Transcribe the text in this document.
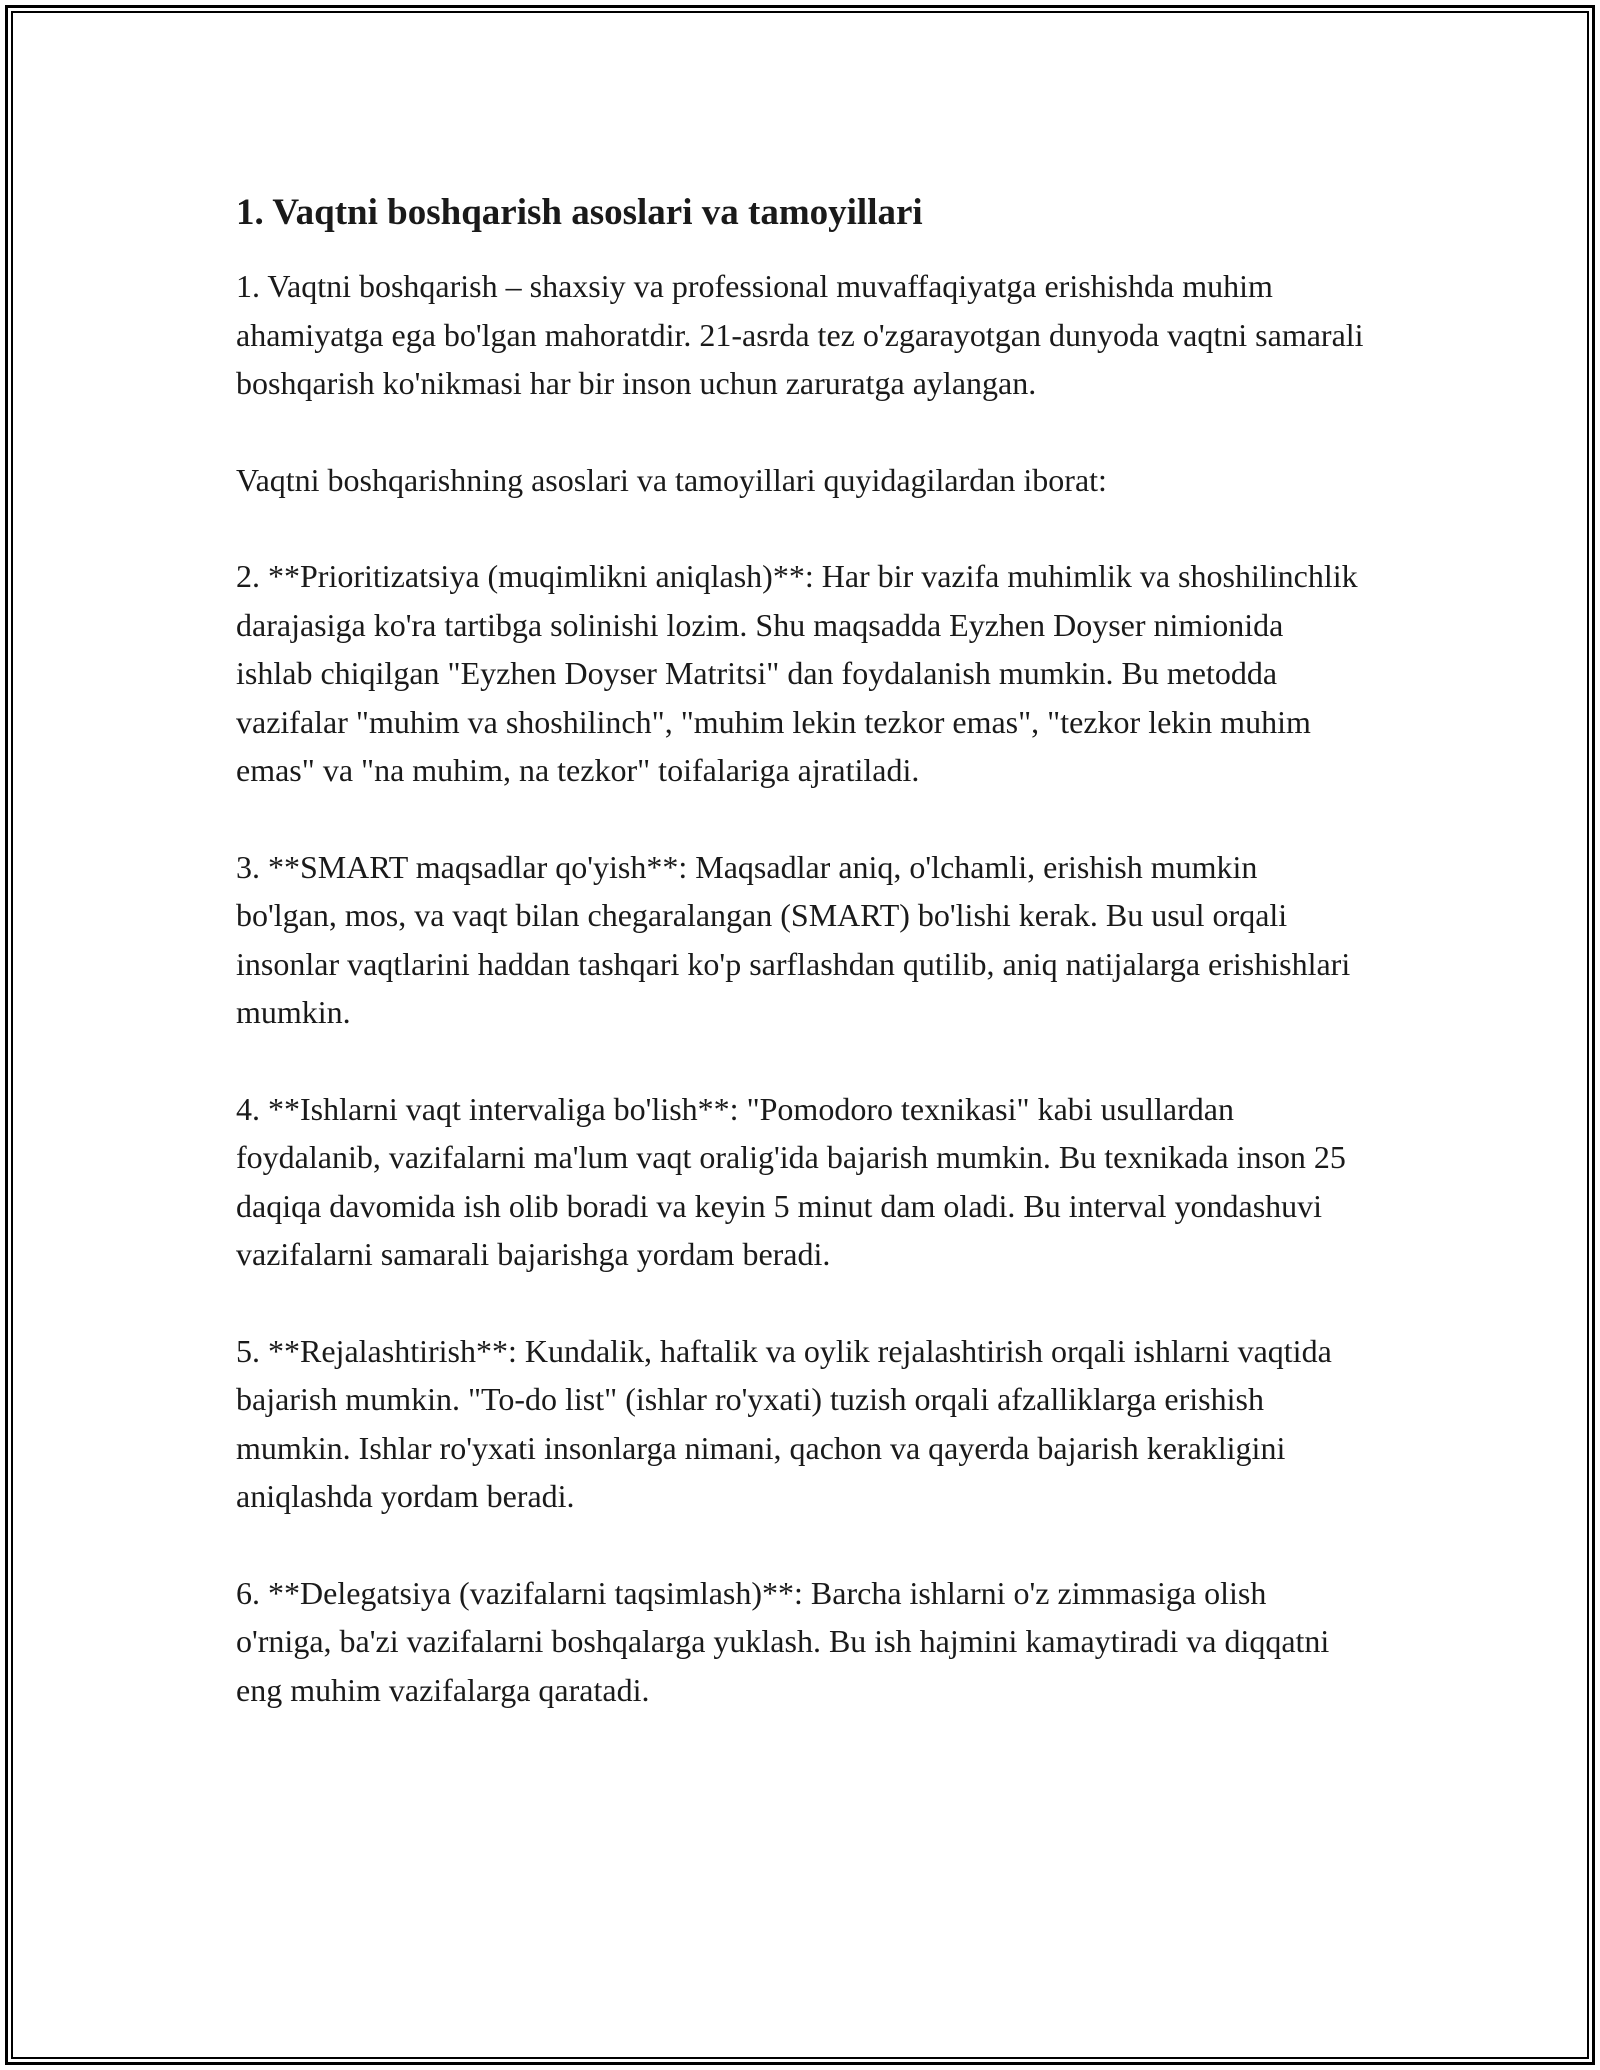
1. Vaqtni boshqarish asoslari va tamoyillari

1. Vaqtni boshqarish – shaxsiy va professional muvaffaqiyatga erishishda muhim ahamiyatga ega bo'lgan mahoratdir. 21-asrda tez o'zgarayotgan dunyoda vaqtni samarali boshqarish ko'nikmasi har bir inson uchun zaruratga aylangan.

Vaqtni boshqarishning asoslari va tamoyillari quyidagilardan iborat:

2. **Prioritizatsiya (muqimlikni aniqlash)**: Har bir vazifa muhimlik va shoshilinchlik darajasiga ko'ra tartibga solinishi lozim. Shu maqsadda Eyzhen Doyser nimionida ishlab chiqilgan "Eyzhen Doyser Matritsi" dan foydalanish mumkin. Bu metodda vazifalar "muhim va shoshilinch", "muhim lekin tezkor emas", "tezkor lekin muhim emas" va "na muhim, na tezkor" toifalariga ajratiladi.

3. **SMART maqsadlar qo'yish**: Maqsadlar aniq, o'lchamli, erishish mumkin bo'lgan, mos, va vaqt bilan chegaralangan (SMART) bo'lishi kerak. Bu usul orqali insonlar vaqtlarini haddan tashqari ko'p sarflashdan qutilib, aniq natijalarga erishishlari mumkin.

4. **Ishlarni vaqt intervaliga bo'lish**: "Pomodoro texnikasi" kabi usullardan foydalanib, vazifalarni ma'lum vaqt oralig'ida bajarish mumkin. Bu texnikada inson 25 daqiqa davomida ish olib boradi va keyin 5 minut dam oladi. Bu interval yondashuvi vazifalarni samarali bajarishga yordam beradi.

5. **Rejalashtirish**: Kundalik, haftalik va oylik rejalashtirish orqali ishlarni vaqtida bajarish mumkin. "To-do list" (ishlar ro'yxati) tuzish orqali afzalliklarga erishish mumkin. Ishlar ro'yxati insonlarga nimani, qachon va qayerda bajarish kerakligini aniqlashda yordam beradi.

6. **Delegatsiya (vazifalarni taqsimlash)**: Barcha ishlarni o'z zimmasiga olish o'rniga, ba'zi vazifalarni boshqalarga yuklash. Bu ish hajmini kamaytiradi va diqqatni eng muhim vazifalarga qaratadi.
